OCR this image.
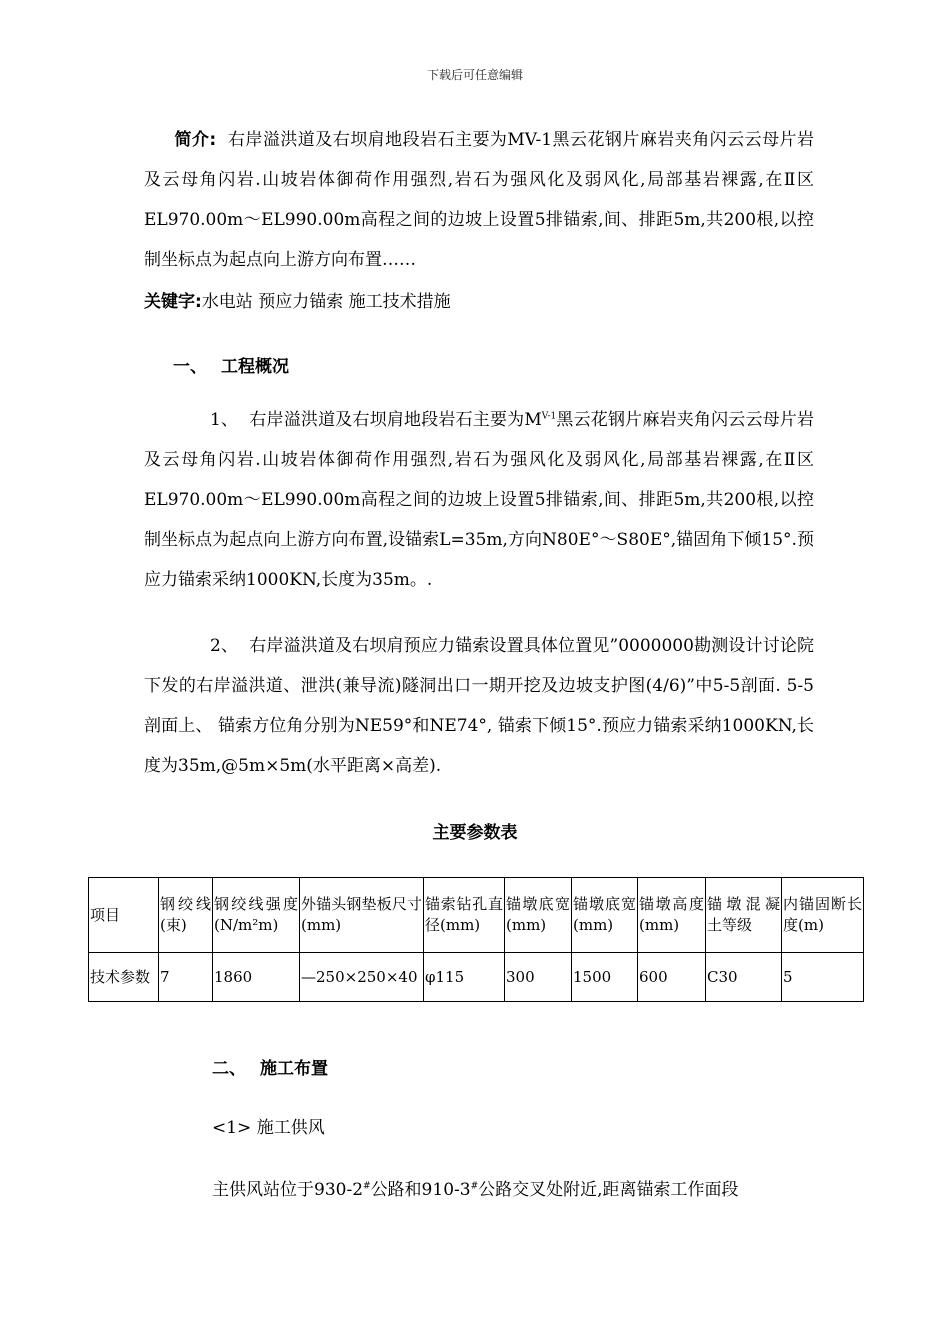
下载后可任意编辑

简介: 右岸溢洪道及右坝肩地段岩石主要为MV-1黑云花钢片麻岩夹角闪云云母片岩及云母角闪岩.山坡岩体御荷作用强烈,岩石为强风化及弱风化,局部基岩裸露,在Ⅱ区EL970.00m～EL990.00m高程之间的边坡上设置5排锚索,间、排距5m,共200根,以控制坐标点为起点向上游方向布置……

关键字:水电站 预应力锚索 施工技术措施

一、 工程概况

1、 右岸溢洪道及右坝肩地段岩石主要为$M^{V-1}$黑云花钢片麻岩夹角闪云云母片岩及云母角闪岩.山坡岩体御荷作用强烈,岩石为强风化及弱风化,局部基岩裸露,在Ⅱ区EL970.00m～EL990.00m高程之间的边坡上设置5排锚索,间、排距5m,共200根,以控制坐标点为起点向上游方向布置,设锚索L=35m,方向N80E°～S80E°,锚固角下倾15°.预应力锚索采纳1000KN,长度为35m。.

2、 右岸溢洪道及右坝肩预应力锚索设置具体位置见”0000000勘测设计讨论院下发的右岸溢洪道、泄洪(兼导流)隧洞出口一期开挖及边坡支护图(4/6)”中5-5剖面. 5-5剖面上、 锚索方位角分别为NE59°和NE74°, 锚索下倾15°.预应力锚索采纳1000KN,长度为35m,@5m×5m(水平距离×高差).

主要参数表
项目	钢绞线(束)	钢绞线强度(N/m²m)	外锚头钢垫板尺寸(mm)	锚索钻孔直径(mm)	锚墩底宽(mm)	锚墩底宽(mm)	锚墩高度(mm)	锚墩混凝土等级	内锚固断长度(m)
技术参数	7	1860	—250×250×40	φ115	300	1500	600	C30	5
二、 施工布置
<1> 施工供风
主供风站位于930-2#公路和910-3#公路交叉处附近,距离锚索工作面段
